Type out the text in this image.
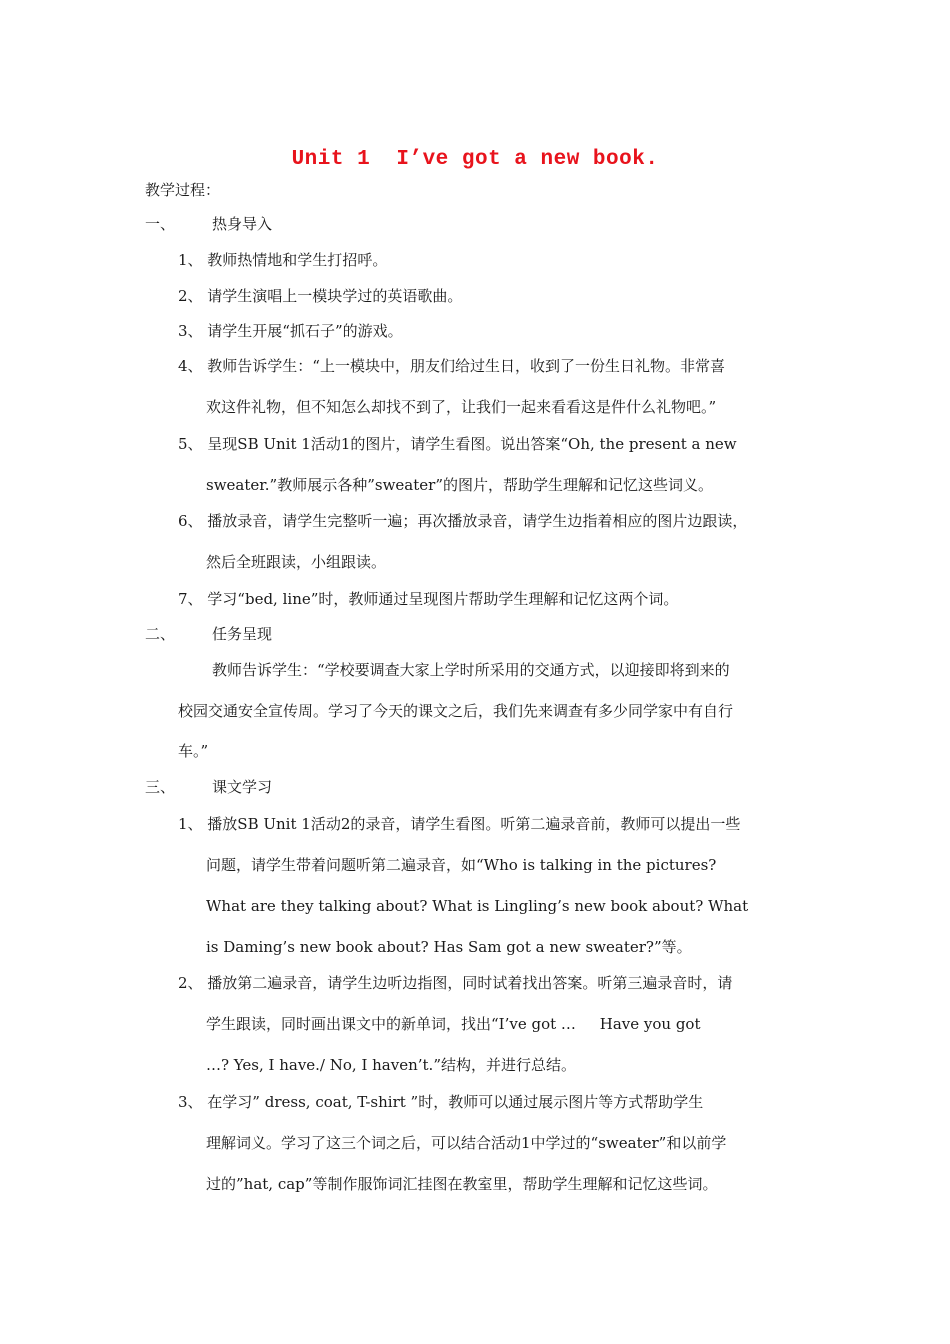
Unit 1  I’ve got a new book.
教学过程：
一、 热身导入
1、 教师热情地和学生打招呼。
2、 请学生演唱上一模块学过的英语歌曲。
3、 请学生开展“抓石子”的游戏。
4、 教师告诉学生：“上一模块中，朋友们给过生日，收到了一份生日礼物。非常喜
欢这件礼物，但不知怎么却找不到了，让我们一起来看看这是件什么礼物吧。”
5、 呈现SB Unit 1活动1的图片，请学生看图。说出答案“Oh, the present a new
sweater.”教师展示各种”sweater”的图片，帮助学生理解和记忆这些词义。
6、 播放录音，请学生完整听一遍；再次播放录音，请学生边指着相应的图片边跟读，
然后全班跟读，小组跟读。
7、 学习“bed, line”时，教师通过呈现图片帮助学生理解和记忆这两个词。
二、 任务呈现
教师告诉学生：“学校要调查大家上学时所采用的交通方式，以迎接即将到来的
校园交通安全宣传周。学习了今天的课文之后，我们先来调查有多少同学家中有自行
车。”
三、 课文学习
1、 播放SB Unit 1活动2的录音，请学生看图。听第二遍录音前，教师可以提出一些
问题，请学生带着问题听第二遍录音，如“Who is talking in the pictures?
What are they talking about? What is Lingling’s new book about? What
is Daming’s new book about? Has Sam got a new sweater?”等。
2、 播放第二遍录音，请学生边听边指图，同时试着找出答案。听第三遍录音时，请
学生跟读，同时画出课文中的新单词，找出“I’ve got …     Have you got
…? Yes, I have./ No, I haven’t.”结构，并进行总结。
3、 在学习” dress, coat, T-shirt ”时，教师可以通过展示图片等方式帮助学生
理解词义。学习了这三个词之后，可以结合活动1中学过的“sweater”和以前学
过的”hat, cap”等制作服饰词汇挂图在教室里，帮助学生理解和记忆这些词。
